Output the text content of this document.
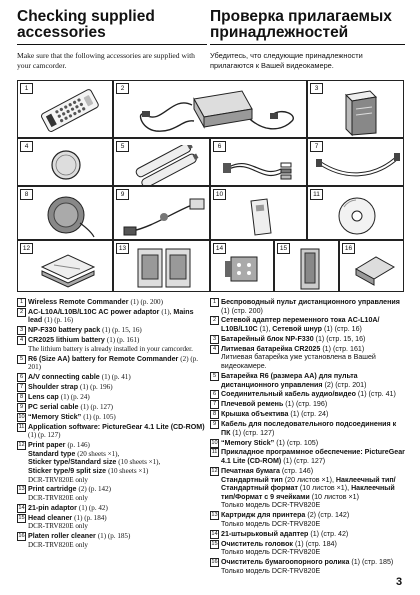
Checking supplied accessories
Проверка прилагаемых принадлежностей
Make sure that the following accessories are supplied with your camcorder.
Убедитесь, что следующие принадлежности прилагаются к Вашей видеокамере.
1	2	3
4	5	6	7
8	9	10	11
12	13	14	15	16
1 Wireless Remote Commander (1) (p. 200)
2 AC-L10A/L10B/L10C AC power adaptor (1), Mains lead (1) (p. 16)
3 NP-F330 battery pack (1) (p. 15, 16)
4 CR2025 lithium battery (1) (p. 161)
The lithium battery is already installed in your camcorder.
5 R6 (Size AA) battery for Remote Commander (2) (p. 201)
6 A/V connecting cable (1) (p. 41)
7 Shoulder strap (1) (p. 196)
8 Lens cap (1) (p. 24)
9 PC serial cable (1) (p. 127)
10 “Memory Stick” (1) (p. 105)
11 Application software: PictureGear 4.1 Lite (CD-ROM) (1) (p. 127)
12 Print paper (p. 146)
Standard type (20 sheets ×1),
Sticker type/Standard size (10 sheets ×1),
Sticker type/9 split size (10 sheets ×1)
DCR-TRV820E only
13 Print cartridge (2) (p. 142)
DCR-TRV820E only
14 21-pin adaptor (1) (p. 42)
15 Head cleaner (1) (p. 184)
DCR-TRV820E only
16 Platen roller cleaner (1) (p. 185)
DCR-TRV820E only
1 Беспроводный пульт дистанционного управления (1) (стр. 200)
2 Сетевой адаптер переменного тока AC-L10A/ L10B/L10C (1), Сетевой шнур (1) (стр. 16)
3 Батарейный блок NP-F330 (1) (стр. 15, 16)
4 Литиевая батарейка CR2025 (1) (стр. 161)
Литиевая батарейка уже установлена в Вашей видеокамере.
5 Батарейка R6 (размера AA) для пульта дистанционного управления (2) (стр. 201)
6 Соединительный кабель аудио/видео (1) (стр. 41)
7 Плечевой ремень (1) (стр. 196)
8 Крышка объектива (1) (стр. 24)
9 Кабель для последовательного подсоединения к ПК (1) (стр. 127)
10 “Memory Stick” (1) (стр. 105)
11 Прикладное программное обеспечение: PictureGear 4.1 Lite (CD-ROM) (1) (стр. 127)
12 Печатная бумага (стр. 146)
Стандартный тип (20 листов ×1), Наклеечный тип/Стандартный формат (10 листов ×1), Наклеечный тип/Формат с 9 ячейками (10 листов ×1)
Только модель DCR-TRV820E
13 Картридж для принтера (2) (стр. 142)
Только модель DCR-TRV820E
14 21-штырьковый адаптер (1) (стр. 42)
15 Очиститель головок (1) (стр. 184)
Только модель DCR-TRV820E
16 Очиститель бумагоопорного ролика (1) (стр. 185) Только модель DCR-TRV820E
3
